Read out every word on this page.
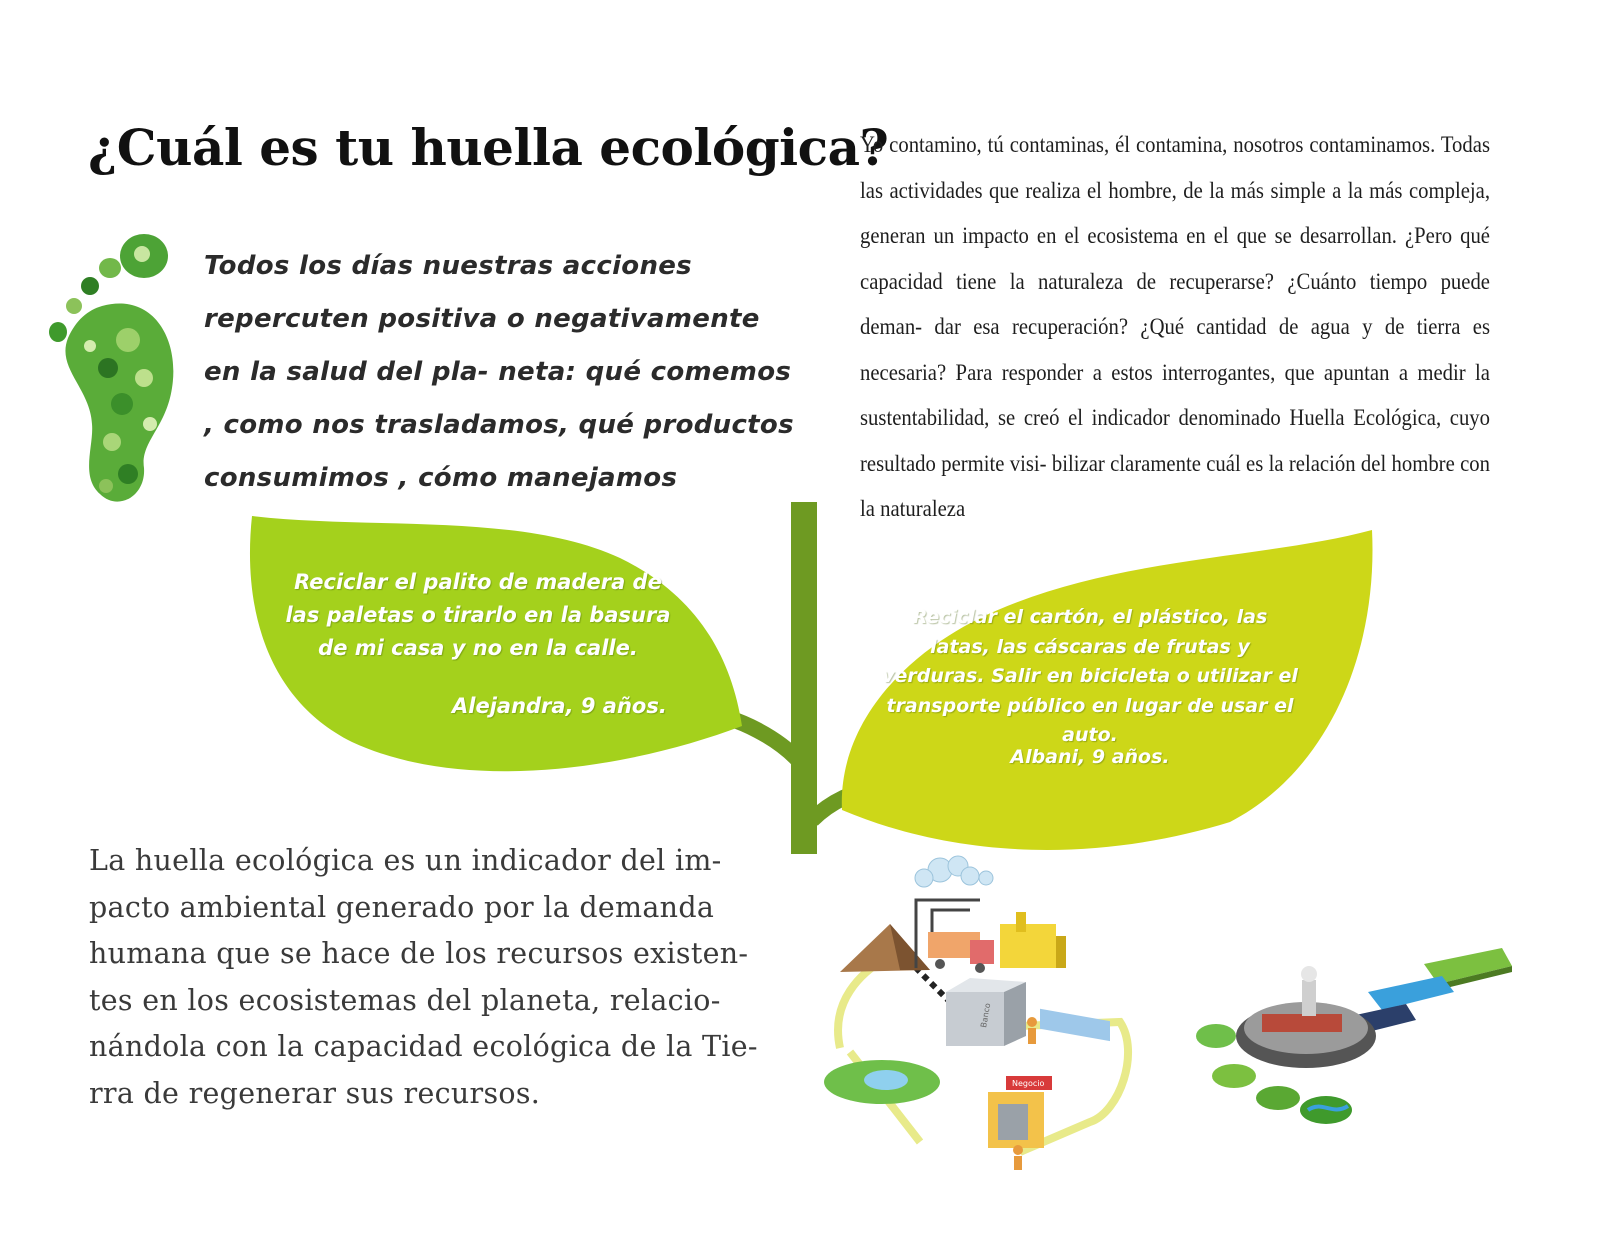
¿Cuál es tu huella ecológica?

Todos los días nuestras acciones repercuten positiva o negativamente en la salud del pla- neta: qué comemos , como nos trasladamos, qué productos consumimos , cómo manejamos

Yo contamino, tú contaminas, él contamina, nosotros contaminamos. Todas las actividades que realiza el hombre, de la más simple a la más compleja, generan un impacto en el ecosistema en el que se desarrollan. ¿Pero qué capacidad tiene la naturaleza de recuperarse? ¿Cuánto tiempo puede deman- dar esa recuperación? ¿Qué cantidad de agua y de tierra es necesaria? Para responder a estos interrogantes, que apuntan a medir la sustentabilidad, se creó el indicador denominado Huella Ecológica, cuyo resultado permite visi- bilizar claramente cuál es la relación del hombre con la naturaleza

Reciclar el palito de madera de las paletas o tirarlo en la basura de mi casa y no en la calle.

Alejandra, 9 años.

Reciclar el cartón, el plástico, las latas, las cáscaras de frutas y verduras. Salir en bicicleta o utilizar el transporte público en lugar de usar el auto.

Albani, 9 años.

La huella ecológica es un indicador del im- pacto ambiental generado por la demanda humana que se hace de los recursos existen- tes en los ecosistemas del planeta, relacio- nándola con la capacidad ecológica de la Tie- rra de regenerar sus recursos.

Banco
Negocio
